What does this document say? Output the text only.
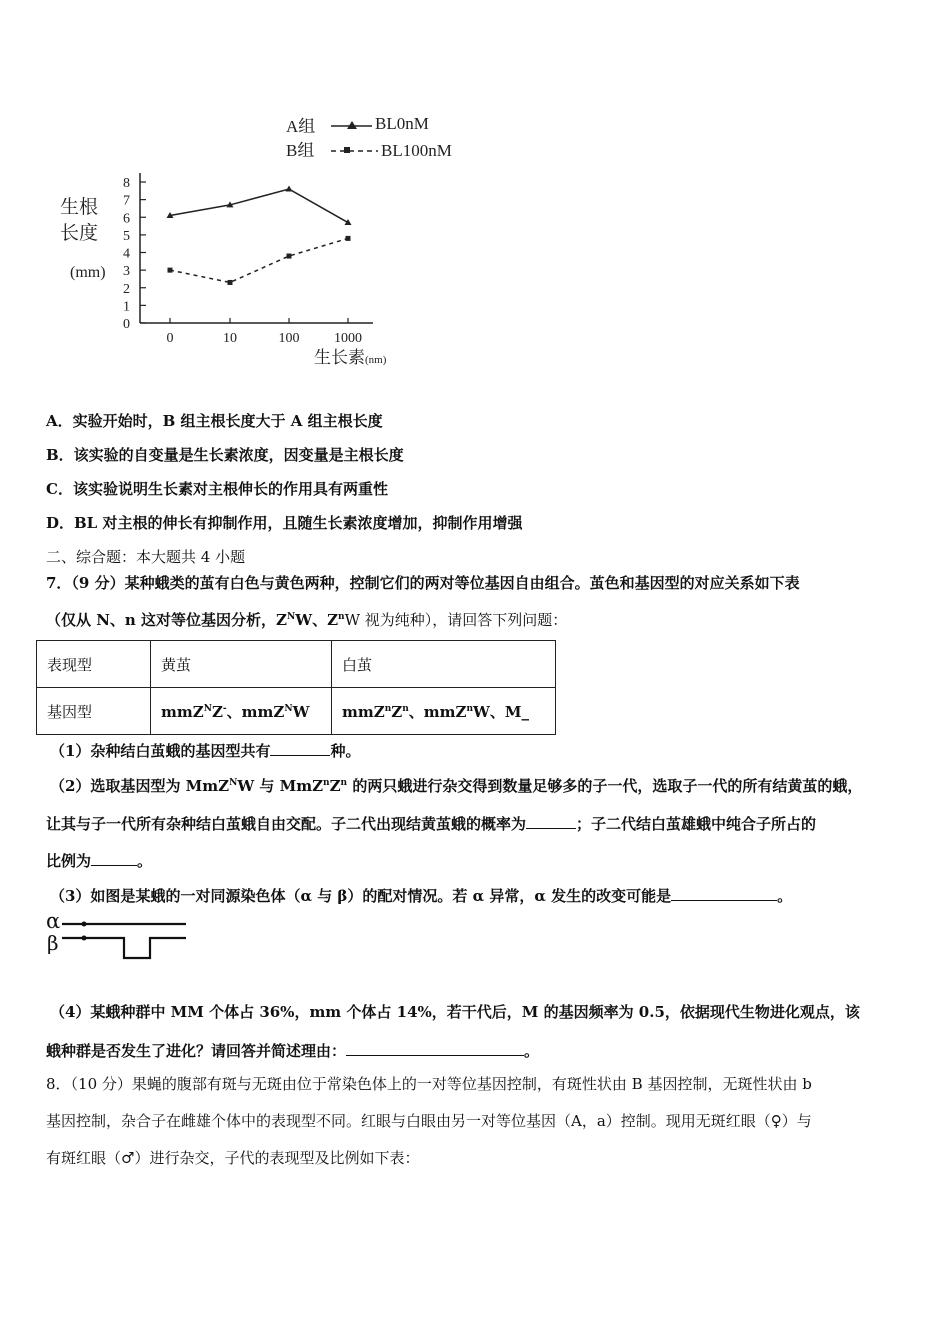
A组	BL0nM
B组	BL100nM
生根
长度
(mm)
0
1
2
3
4
5
6
7
8
0	10	100 1000
生长素(nm)
A．实验开始时，B 组主根长度大于 A 组主根长度
B．该实验的自变量是生长素浓度，因变量是主根长度
C．该实验说明生长素对主根伸长的作用具有两重性
D．BL 对主根的伸长有抑制作用，且随生长素浓度增加，抑制作用增强
二、综合题：本大题共 4 小题
7．（9 分）某种蛾类的茧有白色与黄色两种，控制它们的两对等位基因自由组合。茧色和基因型的对应关系如下表
（仅从 N、n 这对等位基因分析，$Z^NW$、$Z^nW$ 视为纯种），请回答下列问题：
表现型	黄茧	白茧
基因型	mmZ$^N$Z-、mmZ$^N$W	$mmZ^nZ^n$、mmZ$^n$W、M_
（1）杂种结白茧蛾的基因型共有	种。
（2）选取基因型为 MmZ$^N$W 与 $MmZ^nZ^n$ 的两只蛾进行杂交得到数量足够多的子一代，选取子一代的所有结黄茧的蛾，
让其与子一代所有杂种结白茧蛾自由交配。子二代出现结黄茧蛾的概率为	；子二代结白茧雄蛾中纯合子所占的
比例为	。
（3）如图是某蛾的一对同源染色体（α 与 β）的配对情况。若 α 异常，α 发生的改变可能是	。
α
β
（4）某蛾种群中 MM 个体占 36%，mm 个体占 14%，若干代后，M 的基因频率为 0.5，依据现代生物进化观点，该
蛾种群是否发生了进化？请回答并简述理由：	。
8．（10 分）果蝇的腹部有斑与无斑由位于常染色体上的一对等位基因控制，有斑性状由 B 基因控制，无斑性状由 b
基因控制，杂合子在雌雄个体中的表现型不同。红眼与白眼由另一对等位基因（A，a）控制。现用无斑红眼（♀）与
有斑红眼（♂）进行杂交，子代的表现型及比例如下表：
